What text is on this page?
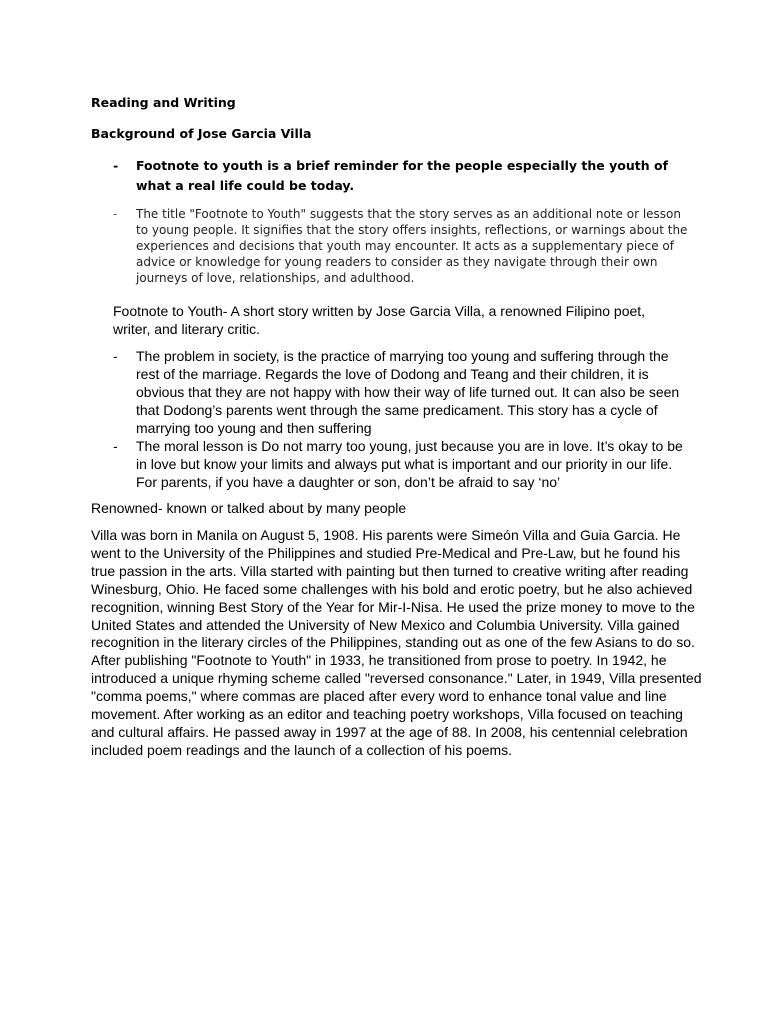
Reading and Writing
Background of Jose Garcia Villa
-	Footnote to youth is a brief reminder for the people especially the youth of what a real life could be today.
-	The title "Footnote to Youth" suggests that the story serves as an additional note or lesson to young people. It signifies that the story offers insights, reflections, or warnings about the experiences and decisions that youth may encounter. It acts as a supplementary piece of advice or knowledge for young readers to consider as they navigate through their own journeys of love, relationships, and adulthood.

Footnote to Youth- A short story written by Jose Garcia Villa, a renowned Filipino poet, writer, and literary critic.

-	The problem in society, is the practice of marrying too young and suffering through the rest of the marriage. Regards the love of Dodong and Teang and their children, it is obvious that they are not happy with how their way of life turned out. It can also be seen that Dodong’s parents went through the same predicament. This story has a cycle of marrying too young and then suffering
-	The moral lesson is Do not marry too young, just because you are in love. It’s okay to be in love but know your limits and always put what is important and our priority in our life. For parents, if you have a daughter or son, don’t be afraid to say ‘no’

Renowned- known or talked about by many people

Villa was born in Manila on August 5, 1908. His parents were Simeón Villa and Guia Garcia. He went to the University of the Philippines and studied Pre-Medical and Pre-Law, but he found his true passion in the arts. Villa started with painting but then turned to creative writing after reading Winesburg, Ohio. He faced some challenges with his bold and erotic poetry, but he also achieved recognition, winning Best Story of the Year for Mir-I-Nisa. He used the prize money to move to the United States and attended the University of New Mexico and Columbia University. Villa gained recognition in the literary circles of the Philippines, standing out as one of the few Asians to do so. After publishing "Footnote to Youth" in 1933, he transitioned from prose to poetry. In 1942, he introduced a unique rhyming scheme called "reversed consonance." Later, in 1949, Villa presented "comma poems," where commas are placed after every word to enhance tonal value and line movement. After working as an editor and teaching poetry workshops, Villa focused on teaching and cultural affairs. He passed away in 1997 at the age of 88. In 2008, his centennial celebration included poem readings and the launch of a collection of his poems.
